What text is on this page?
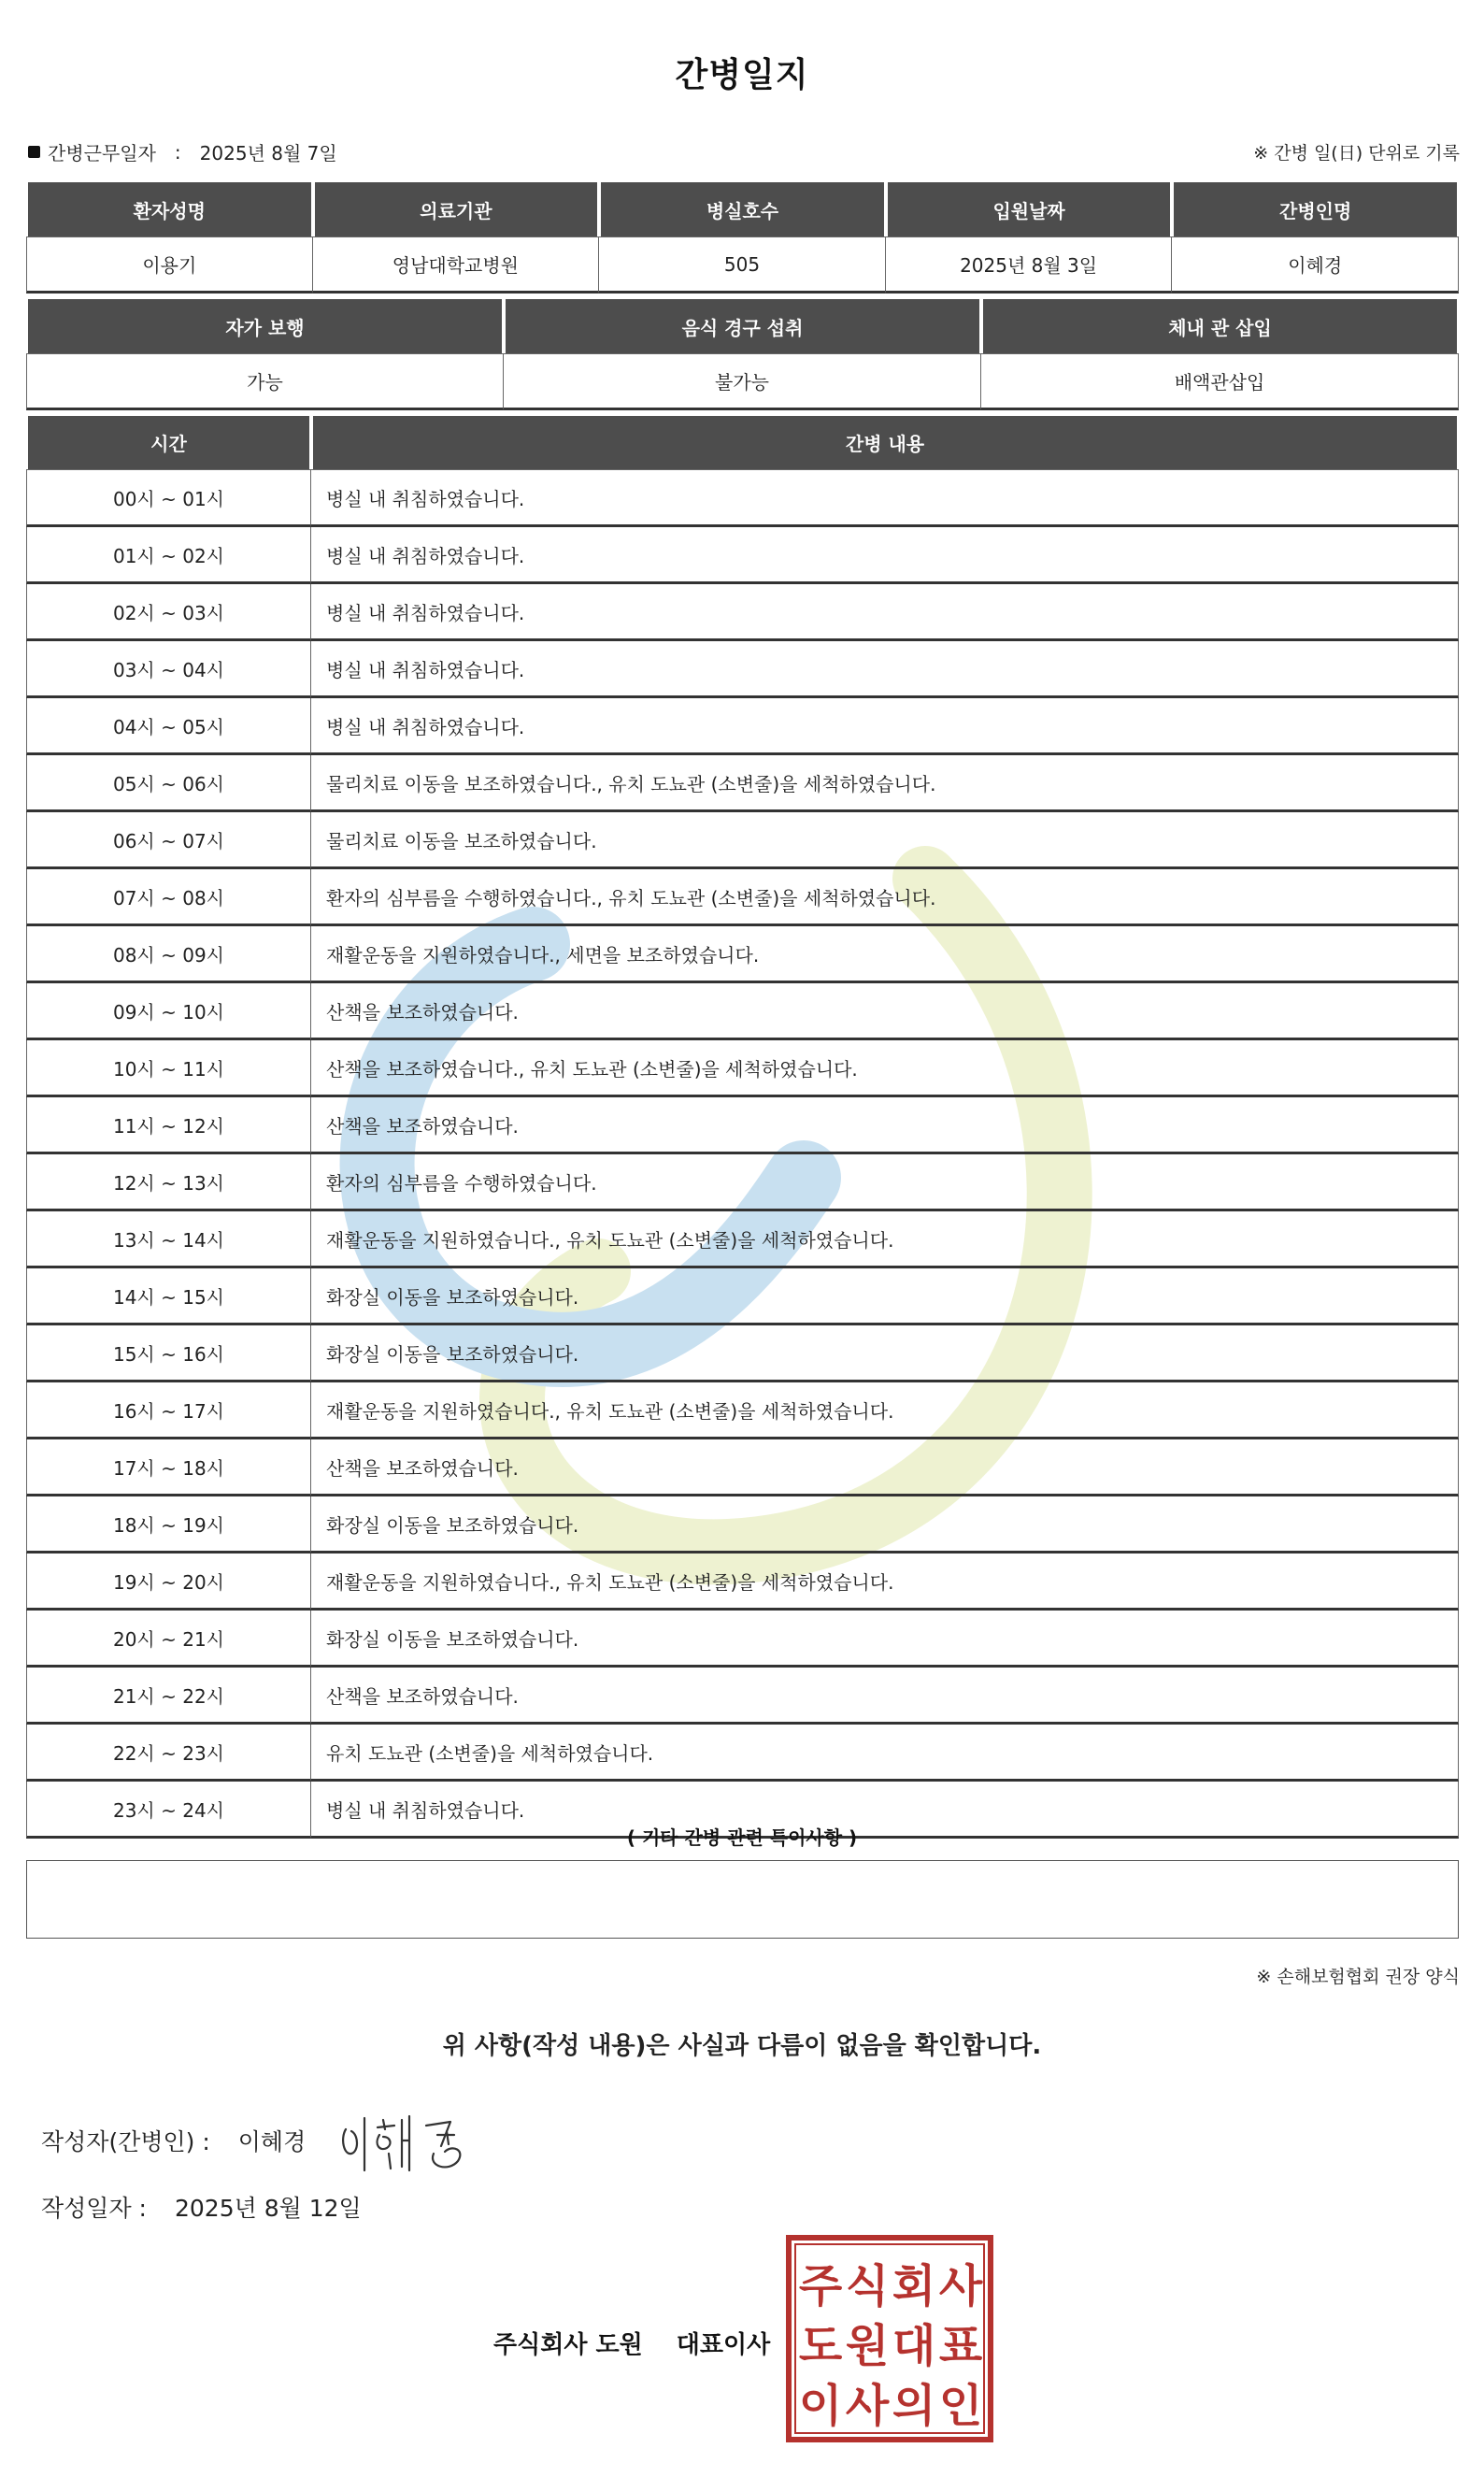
간병일지
간병근무일자 : 2025년 8월 7일	※ 간병 일(日) 단위로 기록
환자성명	의료기관	병실호수	입원날짜	간병인명
이용기	영남대학교병원	505	2025년 8월 3일	이혜경
자가 보행	음식 경구 섭취	체내 관 삽입
가능	불가능	배액관삽입
시간	간병 내용
00시 ~ 01시	병실 내 취침하였습니다.
01시 ~ 02시	병실 내 취침하였습니다.
02시 ~ 03시	병실 내 취침하였습니다.
03시 ~ 04시	병실 내 취침하였습니다.
04시 ~ 05시	병실 내 취침하였습니다.
05시 ~ 06시	물리치료 이동을 보조하였습니다., 유치 도뇨관 (소변줄)을 세척하였습니다.
06시 ~ 07시	물리치료 이동을 보조하였습니다.
07시 ~ 08시	환자의 심부름을 수행하였습니다., 유치 도뇨관 (소변줄)을 세척하였습니다.
08시 ~ 09시	재활운동을 지원하였습니다., 세면을 보조하였습니다.
09시 ~ 10시	산책을 보조하였습니다.
10시 ~ 11시	산책을 보조하였습니다., 유치 도뇨관 (소변줄)을 세척하였습니다.
11시 ~ 12시	산책을 보조하였습니다.
12시 ~ 13시	환자의 심부름을 수행하였습니다.
13시 ~ 14시	재활운동을 지원하였습니다., 유치 도뇨관 (소변줄)을 세척하였습니다.
14시 ~ 15시	화장실 이동을 보조하였습니다.
15시 ~ 16시	화장실 이동을 보조하였습니다.
16시 ~ 17시	재활운동을 지원하였습니다., 유치 도뇨관 (소변줄)을 세척하였습니다.
17시 ~ 18시	산책을 보조하였습니다.
18시 ~ 19시	화장실 이동을 보조하였습니다.
19시 ~ 20시	재활운동을 지원하였습니다., 유치 도뇨관 (소변줄)을 세척하였습니다.
20시 ~ 21시	화장실 이동을 보조하였습니다.
21시 ~ 22시	산책을 보조하였습니다.
22시 ~ 23시	유치 도뇨관 (소변줄)을 세척하였습니다.
23시 ~ 24시	병실 내 취침하였습니다.
( 기타 간병 관련 특이사항 )
※ 손해보험협회 권장 양식
위 사항(작성 내용)은 사실과 다름이 없음을 확인합니다.
작성자(간병인) : 이혜경
작성일자 : 2025년 8월 12일
주식회사 도원 대표이사
주 식 회 사
도 원 대 표
이 사 의 인
